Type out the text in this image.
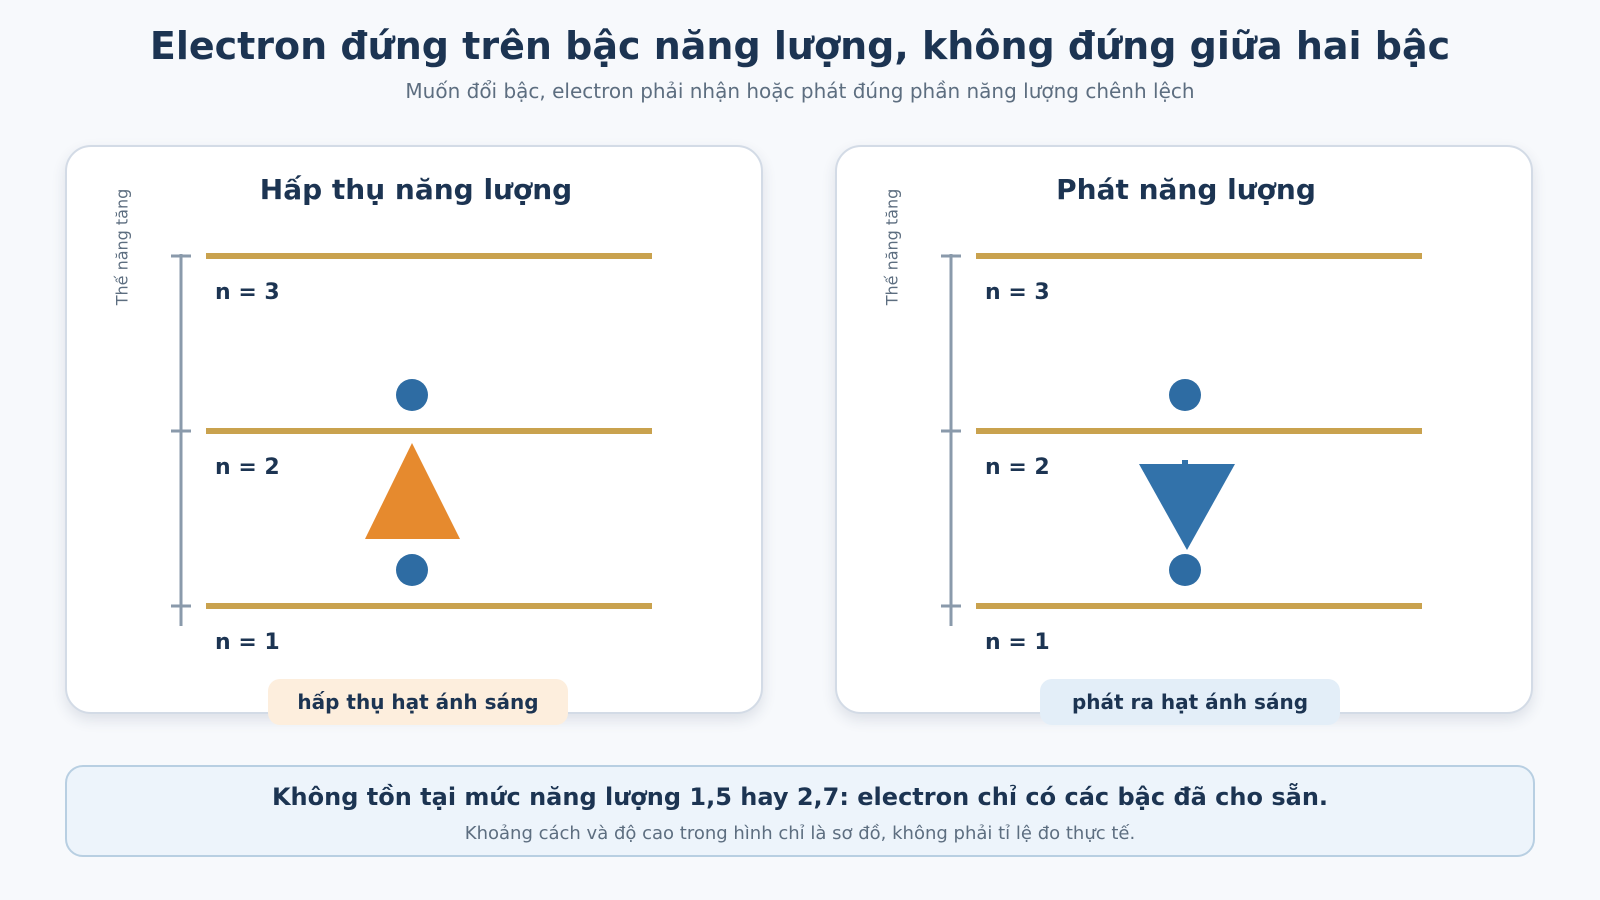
Electron đứng trên bậc năng lượng, không đứng giữa hai bậc
Muốn đổi bậc, electron phải nhận hoặc phát đúng phần năng lượng chênh lệch
Hấp thụ năng lượng
Thế năng tăng	n = 3
n = 2
n = 1
hấp thụ hạt ánh sáng
Phát năng lượng
Thế năng tăng	n = 3
n = 2
n = 1
phát ra hạt ánh sáng
Không tồn tại mức năng lượng 1,5 hay 2,7: electron chỉ có các bậc đã cho sẵn.
Khoảng cách và độ cao trong hình chỉ là sơ đồ, không phải tỉ lệ đo thực tế.
